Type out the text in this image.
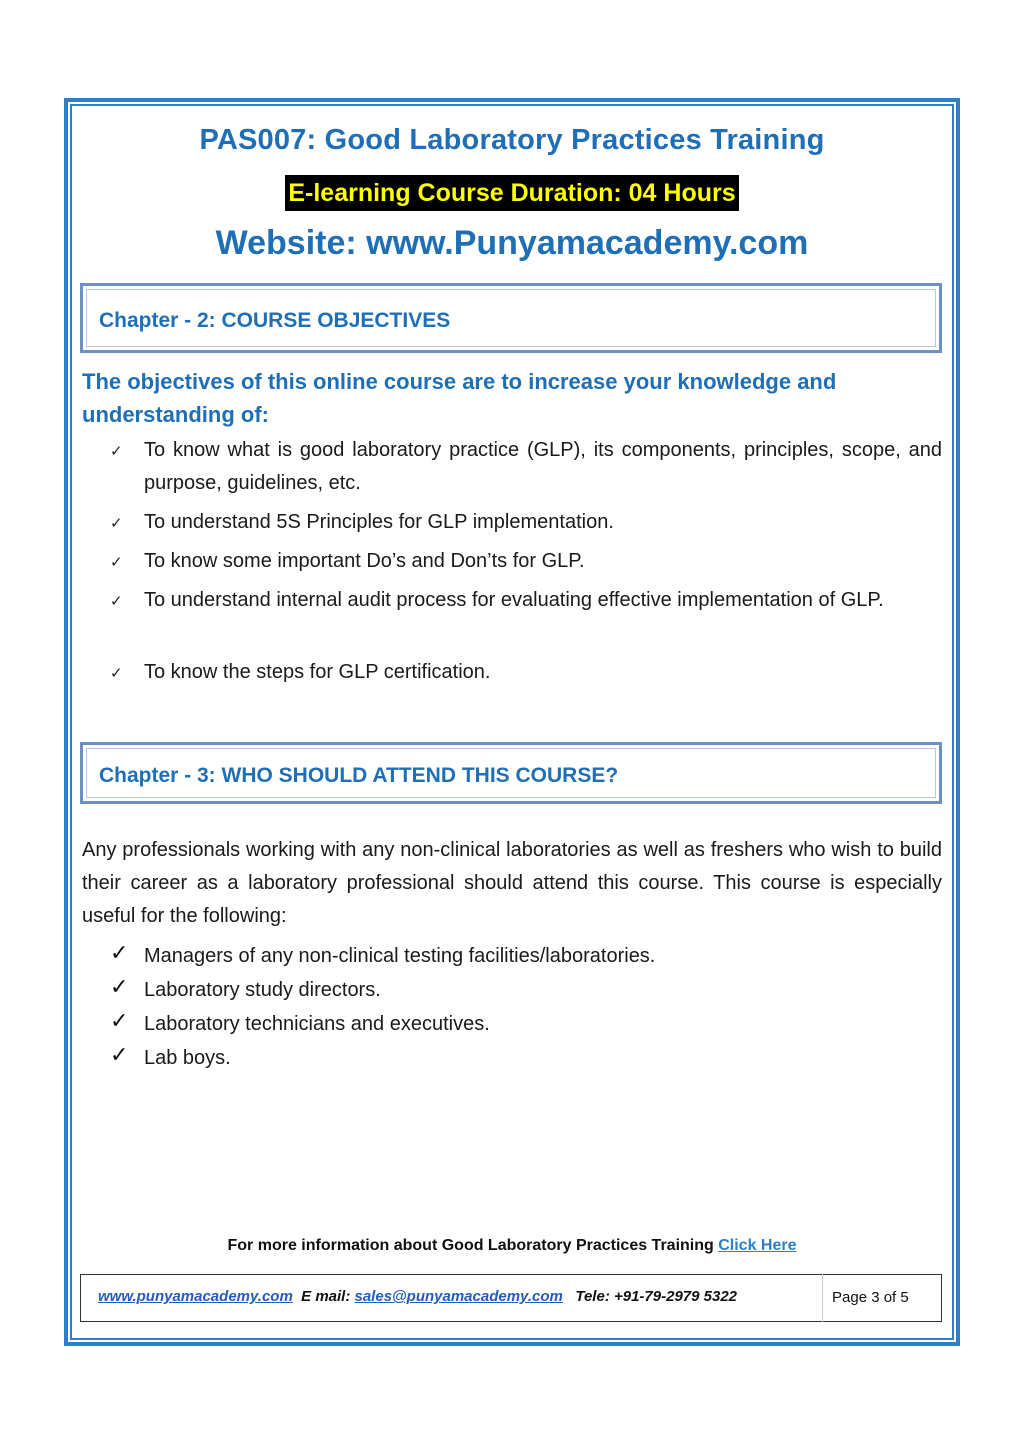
PAS007: Good Laboratory Practices Training
E-learning Course Duration: 04 Hours
Website: www.Punyamacademy.com
Chapter - 2: COURSE OBJECTIVES
The objectives of this online course are to increase your knowledge and understanding of:
✓ To know what is good laboratory practice (GLP), its components, principles, scope, and purpose, guidelines, etc.
✓ To understand 5S Principles for GLP implementation.
✓ To know some important Do’s and Don’ts for GLP.
✓ To understand internal audit process for evaluating effective implementation of GLP.
✓ To know the steps for GLP certification.
Chapter - 3: WHO SHOULD ATTEND THIS COURSE?
Any professionals working with any non-clinical laboratories as well as freshers who wish to build their career as a laboratory professional should attend this course. This course is especially useful for the following:
✓ Managers of any non-clinical testing facilities/laboratories.
✓ Laboratory study directors.
✓ Laboratory technicians and executives.
✓ Lab boys.
For more information about Good Laboratory Practices Training Click Here
www.punyamacademy.com E mail: sales@punyamacademy.com Tele: +91-79-2979 5322	Page 3 of 5
